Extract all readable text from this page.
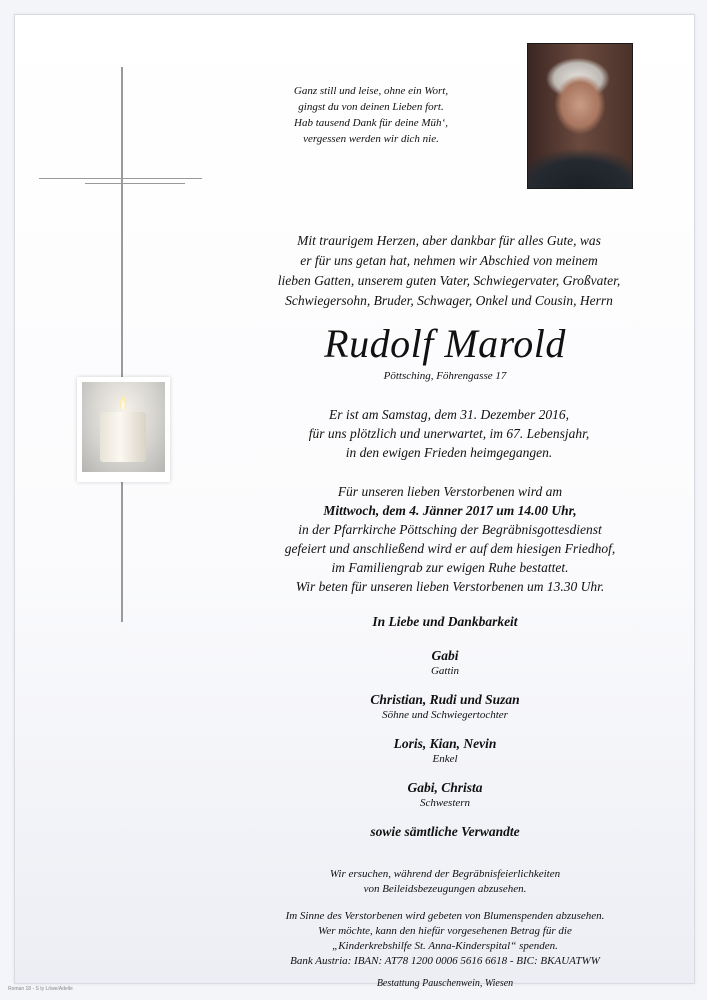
Ganz still und leise, ohne ein Wort,
gingst du von deinen Lieben fort.
Hab tausend Dank für deine Müh‘,
vergessen werden wir dich nie.
Mit traurigem Herzen, aber dankbar für alles Gute, was
er für uns getan hat, nehmen wir Abschied von meinem
lieben Gatten, unserem guten Vater, Schwiegervater, Großvater,
Schwiegersohn, Bruder, Schwager, Onkel und Cousin, Herrn
Rudolf Marold
Pöttsching, Föhrengasse 17
Er ist am Samstag, dem 31. Dezember 2016,
für uns plötzlich und unerwartet, im 67. Lebensjahr,
in den ewigen Frieden heimgegangen.
Für unseren lieben Verstorbenen wird am
Mittwoch, dem 4. Jänner 2017 um 14.00 Uhr,
in der Pfarrkirche Pöttsching der Begräbnisgottesdienst
gefeiert und anschließend wird er auf dem hiesigen Friedhof,
im Familiengrab zur ewigen Ruhe bestattet.
Wir beten für unseren lieben Verstorbenen um 13.30 Uhr.
In Liebe und Dankbarkeit
Gabi
Gattin
Christian, Rudi und Suzan
Söhne und Schwiegertochter
Loris, Kian, Nevin
Enkel
Gabi, Christa
Schwestern
sowie sämtliche Verwandte
Wir ersuchen, während der Begräbnisfeierlichkeiten
von Beileidsbezeugungen abzusehen.
Im Sinne des Verstorbenen wird gebeten von Blumenspenden abzusehen.
Wer möchte, kann den hiefür vorgesehenen Betrag für die
„Kinderkrebshilfe St. Anna-Kinderspital“ spenden.
Bank Austria: IBAN: AT78 1200 0006 5616 6618 - BIC: BKAUATWW
Bestattung Pauschenwein, Wiesen
Roman 18 - S ty Löwe/Adelle
